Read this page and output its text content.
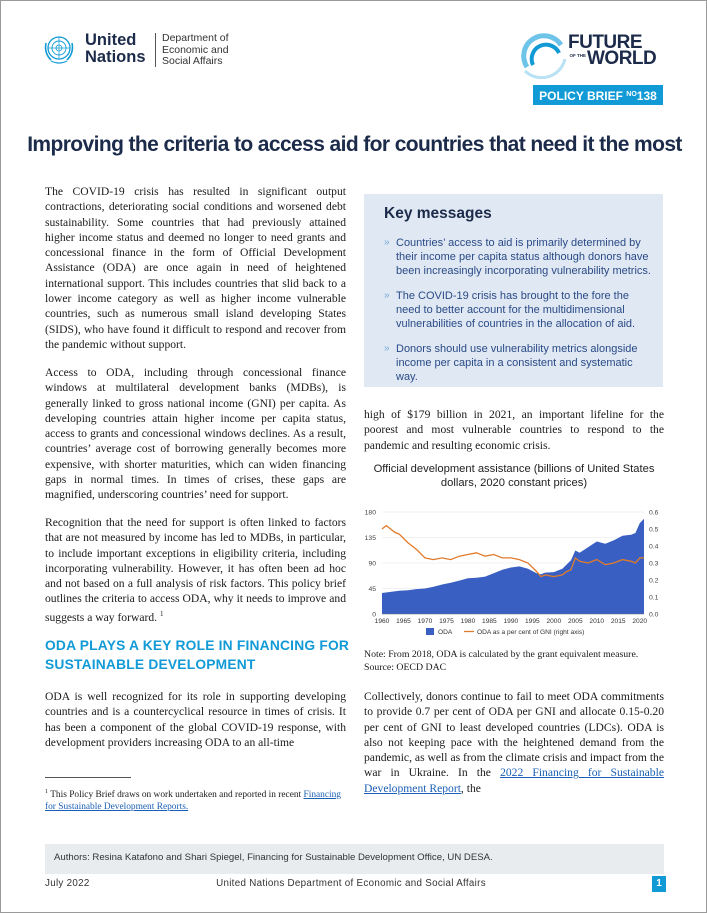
United
Nations
Department of
Economic and
Social Affairs
FUTURE
OF THE WORLD
POLICY BRIEF $^{NO}$138
Improving the criteria to access aid for countries that need it the most

The COVID-19 crisis has resulted in significant output contractions, deteriorating social conditions and worsened debt sustainability. Some countries that had previously attained higher income status and deemed no longer to need grants and concessional finance in the form of Official Development Assistance (ODA) are once again in need of heightened international support. This includes countries that slid back to a lower income category as well as higher income vulnerable countries, such as numerous small island developing States (SIDS), who have found it difficult to respond and recover from the pandemic without support.

Access to ODA, including through concessional finance windows at multilateral development banks (MDBs), is generally linked to gross national income (GNI) per capita. As developing countries attain higher income per capita status, access to grants and concessional windows declines. As a result, countries’ average cost of borrowing generally becomes more expensive, with shorter maturities, which can widen financing gaps in normal times. In times of crises, these gaps are magnified, underscoring countries’ need for support.

Recognition that the need for support is often linked to factors that are not measured by income has led to MDBs, in particular, to include important exceptions in eligibility criteria, including incorporating vulnerability. However, it has often been ad hoc and not based on a full analysis of risk factors. This policy brief outlines the criteria to access ODA, why it needs to improve and suggests a way forward. $^1$

ODA PLAYS A KEY ROLE IN FINANCING FOR SUSTAINABLE DEVELOPMENT

ODA is well recognized for its role in supporting developing countries and is a countercyclical resource in times of crisis. It has been a component of the global COVID-19 response, with development providers increasing ODA to an all-time

Key messages
» Countries’ access to aid is primarily determined by their income per capita status although donors have been increasingly incorporating vulnerability metrics.
» The COVID-19 crisis has brought to the fore the need to better account for the multidimensional vulnerabilities of countries in the allocation of aid.
» Donors should use vulnerability metrics alongside income per capita in a consistent and systematic way.

high of $179 billion in 2021, an important lifeline for the poorest and most vulnerable countries to respond to the pandemic and resulting economic crisis.

Official development assistance (billions of United States dollars, 2020 constant prices)
0
45
90
135
180
0.0
0.1
0.2
0.3
0.4
0.5
0.6
1960 1965 1970 1975 1980 1985 1990 1995 2000 2005 2010 2015 2020
ODA	ODA as a per cent of GNI (right axis)
Note: From 2018, ODA is calculated by the grant equivalent measure.
Source: OECD DAC

Collectively, donors continue to fail to meet ODA commitments to provide 0.7 per cent of ODA per GNI and allocate 0.15-0.20 per cent of GNI to least developed countries (LDCs). ODA is also not keeping pace with the heightened demand from the pandemic, as well as from the climate crisis and impact from the war in Ukraine. In the 2022 Financing for Sustainable Development Report, the

$^1$ This Policy Brief draws on work undertaken and reported in recent Financing for Sustainable Development Reports.
Authors: Resina Katafono and Shari Spiegel, Financing for Sustainable Development Office, UN DESA.
July 2022	United Nations Department of Economic and Social Affairs	1
